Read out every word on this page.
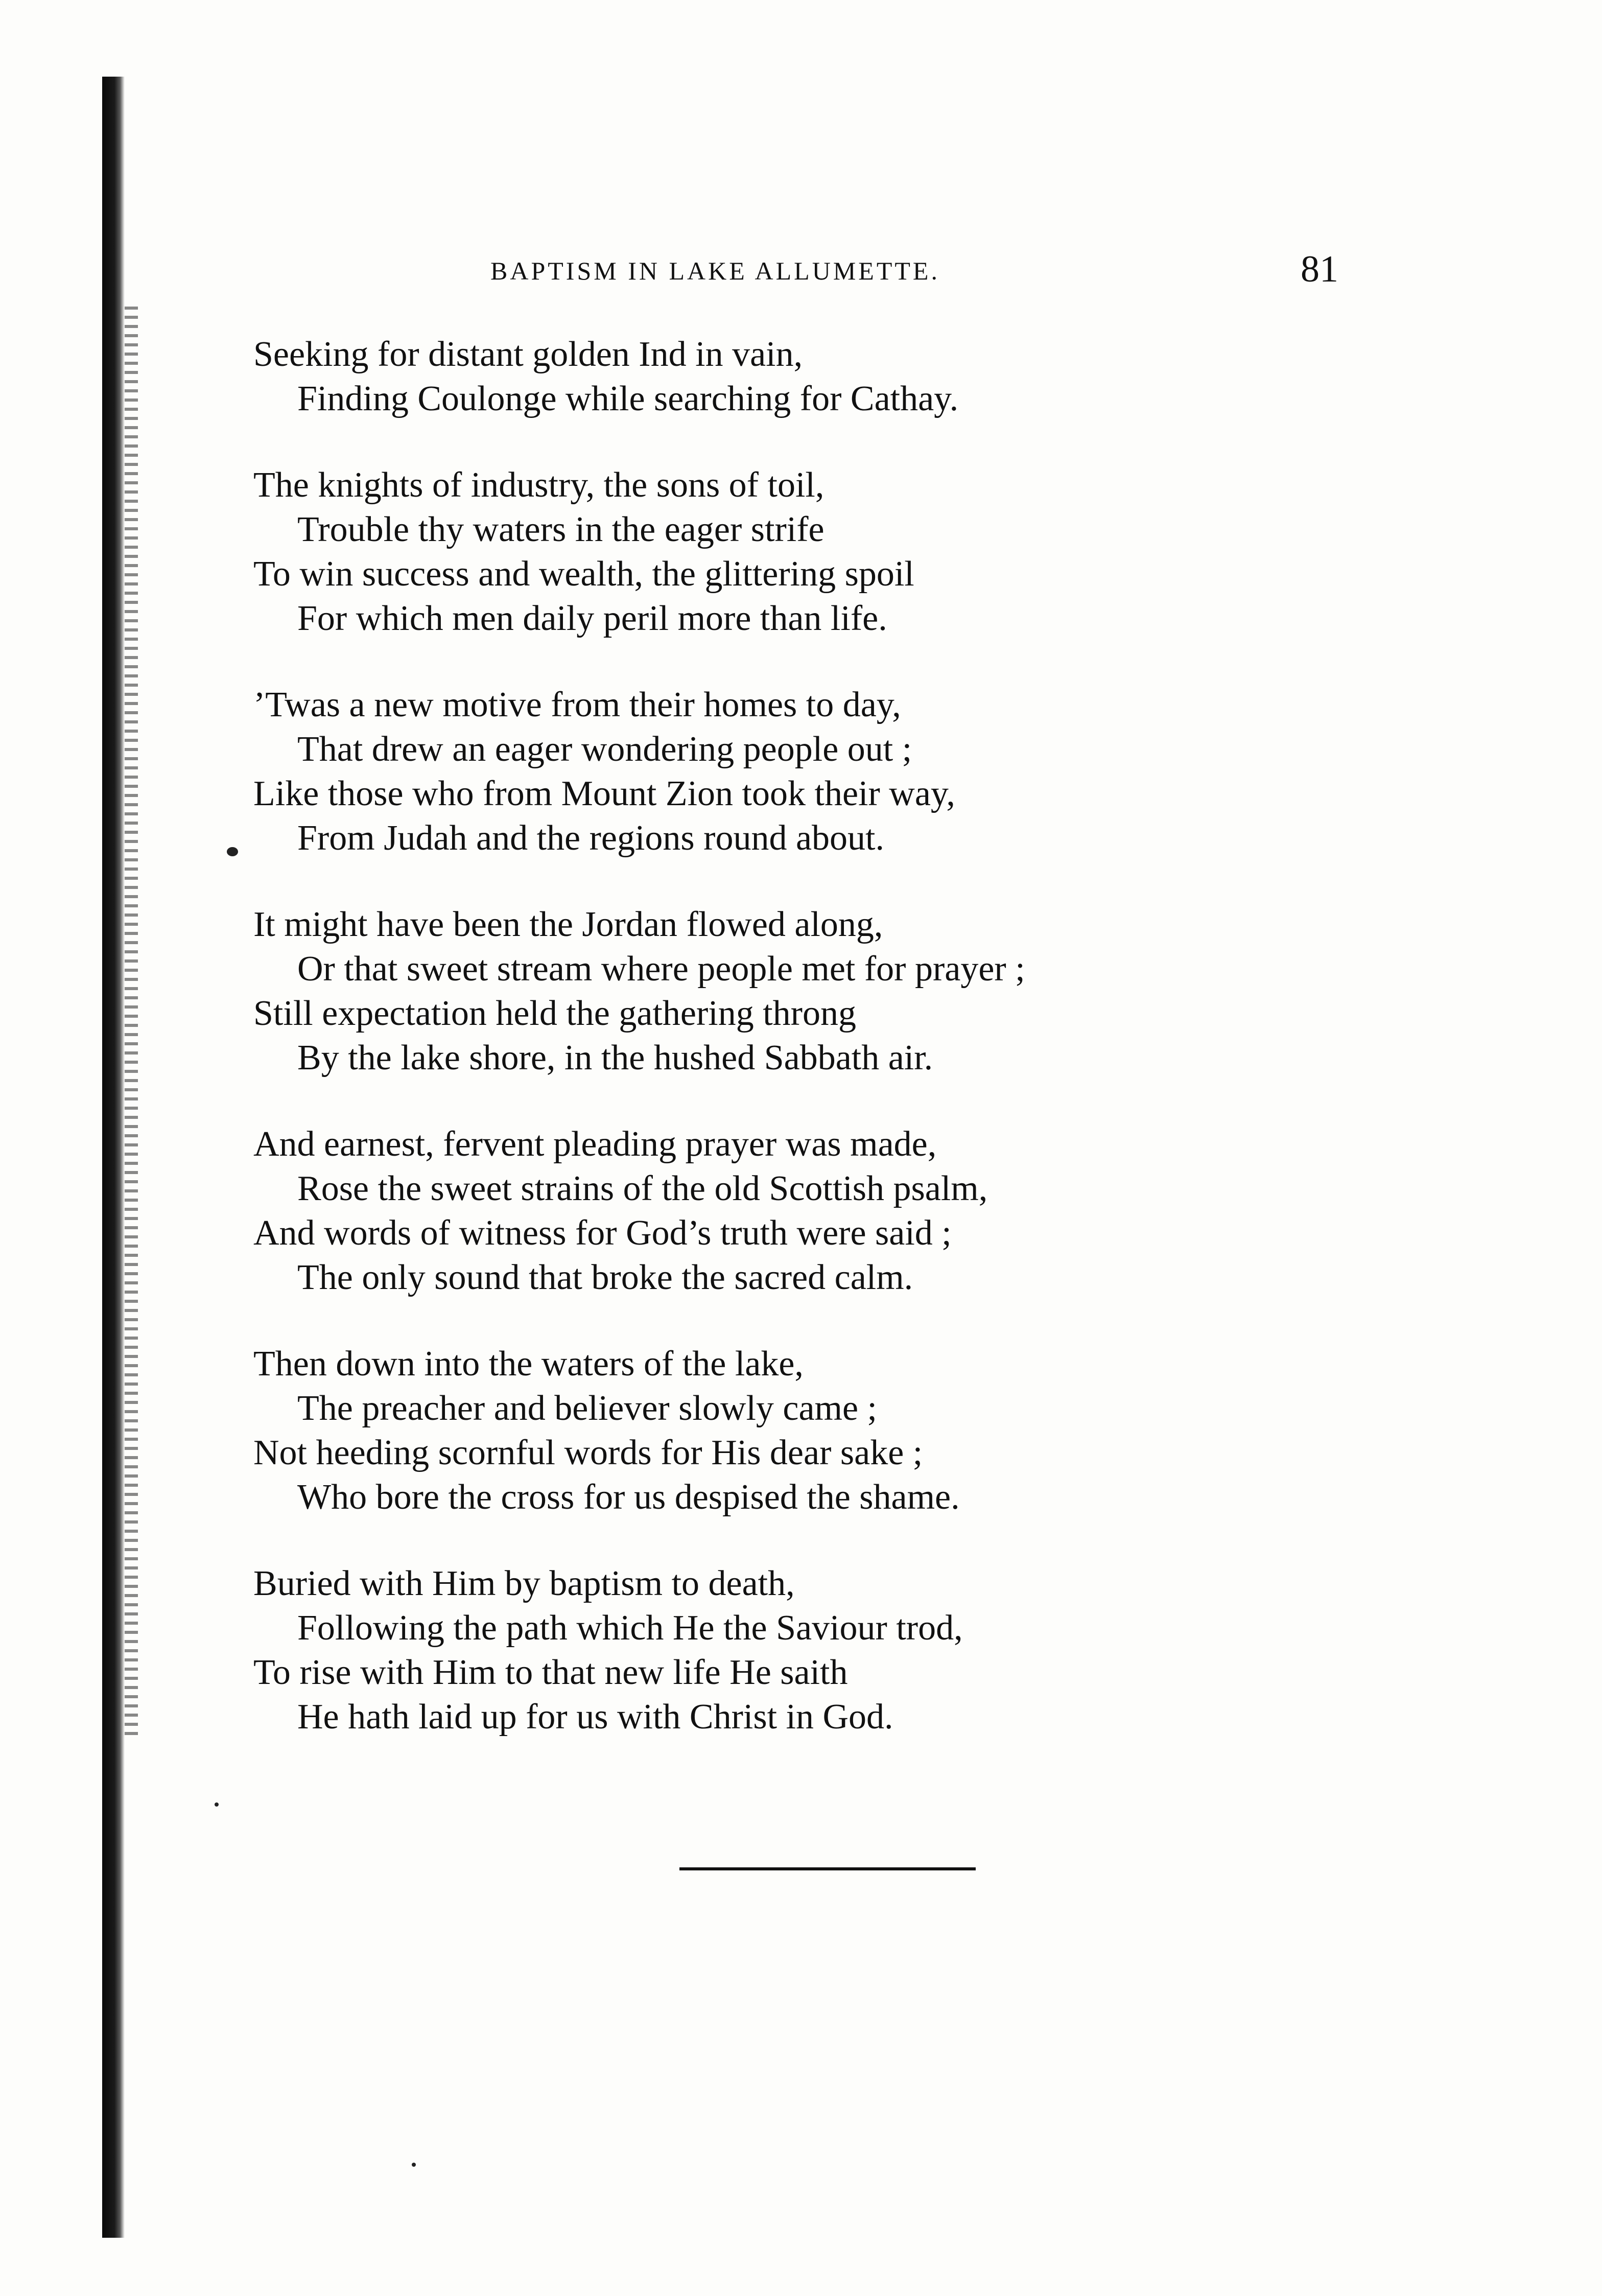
BAPTISM IN LAKE ALLUMETTE.	81
Seeking for distant golden Ind in vain,
Finding Coulonge while searching for Cathay.
The knights of industry, the sons of toil,
Trouble thy waters in the eager strife
To win success and wealth, the glittering spoil
For which men daily peril more than life.
’Twas a new motive from their homes to day,
That drew an eager wondering people out ;
Like those who from Mount Zion took their way,
From Judah and the regions round about.
It might have been the Jordan flowed along,
Or that sweet stream where people met for prayer ;
Still expectation held the gathering throng
By the lake shore, in the hushed Sabbath air.
And earnest, fervent pleading prayer was made,
Rose the sweet strains of the old Scottish psalm,
And words of witness for God’s truth were said ;
The only sound that broke the sacred calm.
Then down into the waters of the lake,
The preacher and believer slowly came ;
Not heeding scornful words for His dear sake ;
Who bore the cross for us despised the shame.
Buried with Him by baptism to death,
Following the path which He the Saviour trod,
To rise with Him to that new life He saith
He hath laid up for us with Christ in God.
